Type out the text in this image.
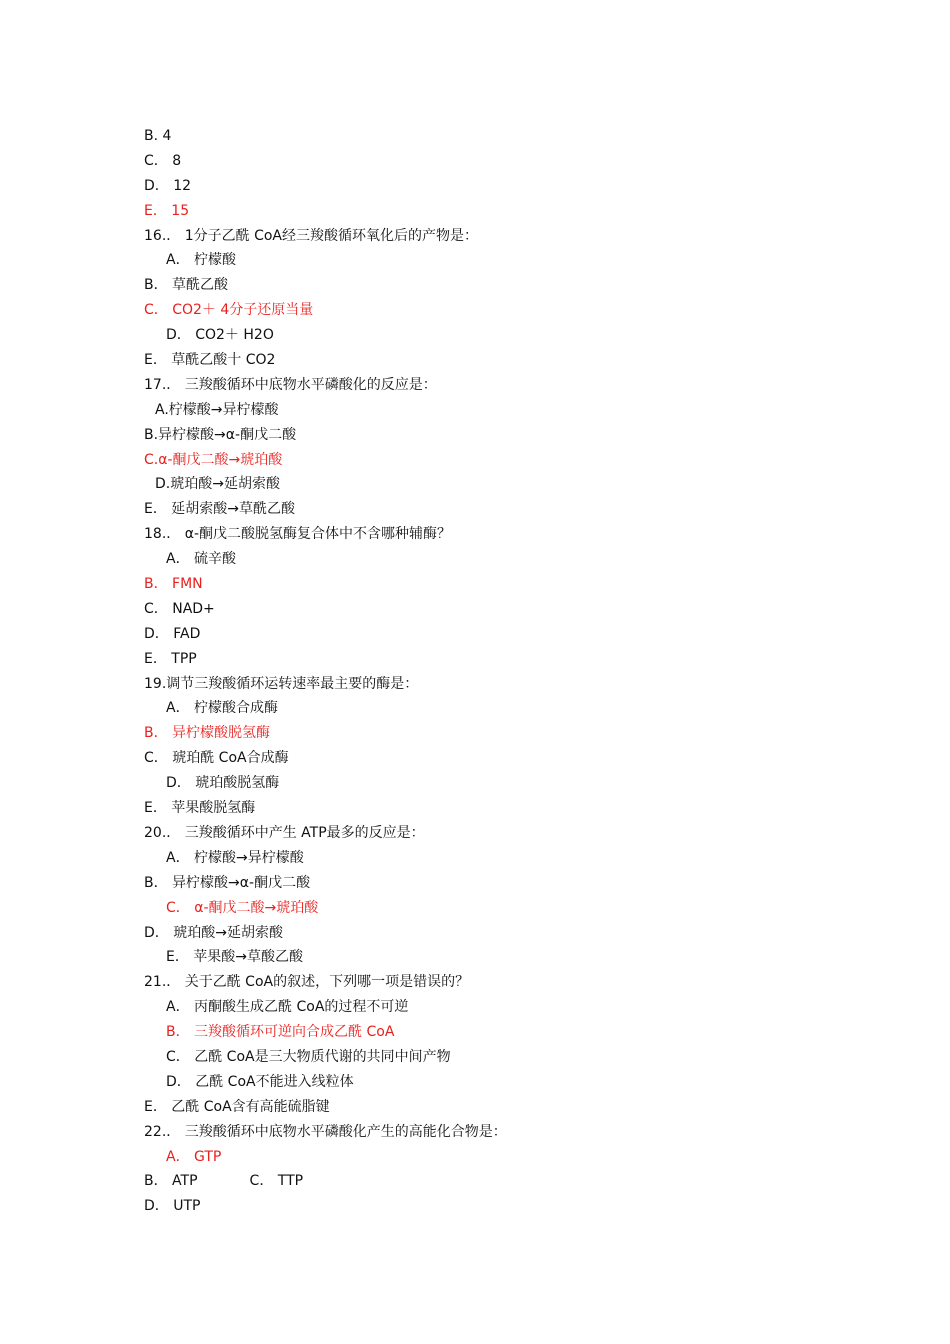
B. 4
C． 8
D． 12
E． 15
16.． 1分子乙酰 CoA经三羧酸循环氧化后的产物是：
A． 柠檬酸
B． 草酰乙酸
C． CO2＋ 4分子还原当量
D． CO2＋ H2O
E． 草酰乙酸十 CO2
17.． 三羧酸循环中底物水平磷酸化的反应是：
A.柠檬酸→异柠檬酸
B.异柠檬酸→α-酮戊二酸
C.α-酮戊二酸→琥珀酸
D.琥珀酸→延胡索酸
E． 延胡索酸→草酰乙酸
18.． α-酮戊二酸脱氢酶复合体中不含哪种辅酶？
A． 硫辛酸
B． FMN
C． NAD+
D． FAD
E． TPP
19.调节三羧酸循环运转速率最主要的酶是：
A． 柠檬酸合成酶
B． 异柠檬酸脱氢酶
C． 琥珀酰 CoA合成酶
D． 琥珀酸脱氢酶
E． 苹果酸脱氢酶
20.． 三羧酸循环中产生 ATP最多的反应是：
A． 柠檬酸→异柠檬酸
B． 异柠檬酸→α-酮戊二酸
C． α-酮戊二酸→琥珀酸
D． 琥珀酸→延胡索酸
E． 苹果酸→草酸乙酸
21.． 关于乙酰 CoA的叙述，下列哪一项是错误的？
A． 丙酮酸生成乙酰 CoA的过程不可逆
B． 三羧酸循环可逆向合成乙酰 CoA
C． 乙酰 CoA是三大物质代谢的共同中间产物
D． 乙酰 CoA不能进入线粒体
E． 乙酰 CoA含有高能硫脂键
22.． 三羧酸循环中底物水平磷酸化产生的高能化合物是：
A． GTP
B． ATP	C． TTP
D． UTP
